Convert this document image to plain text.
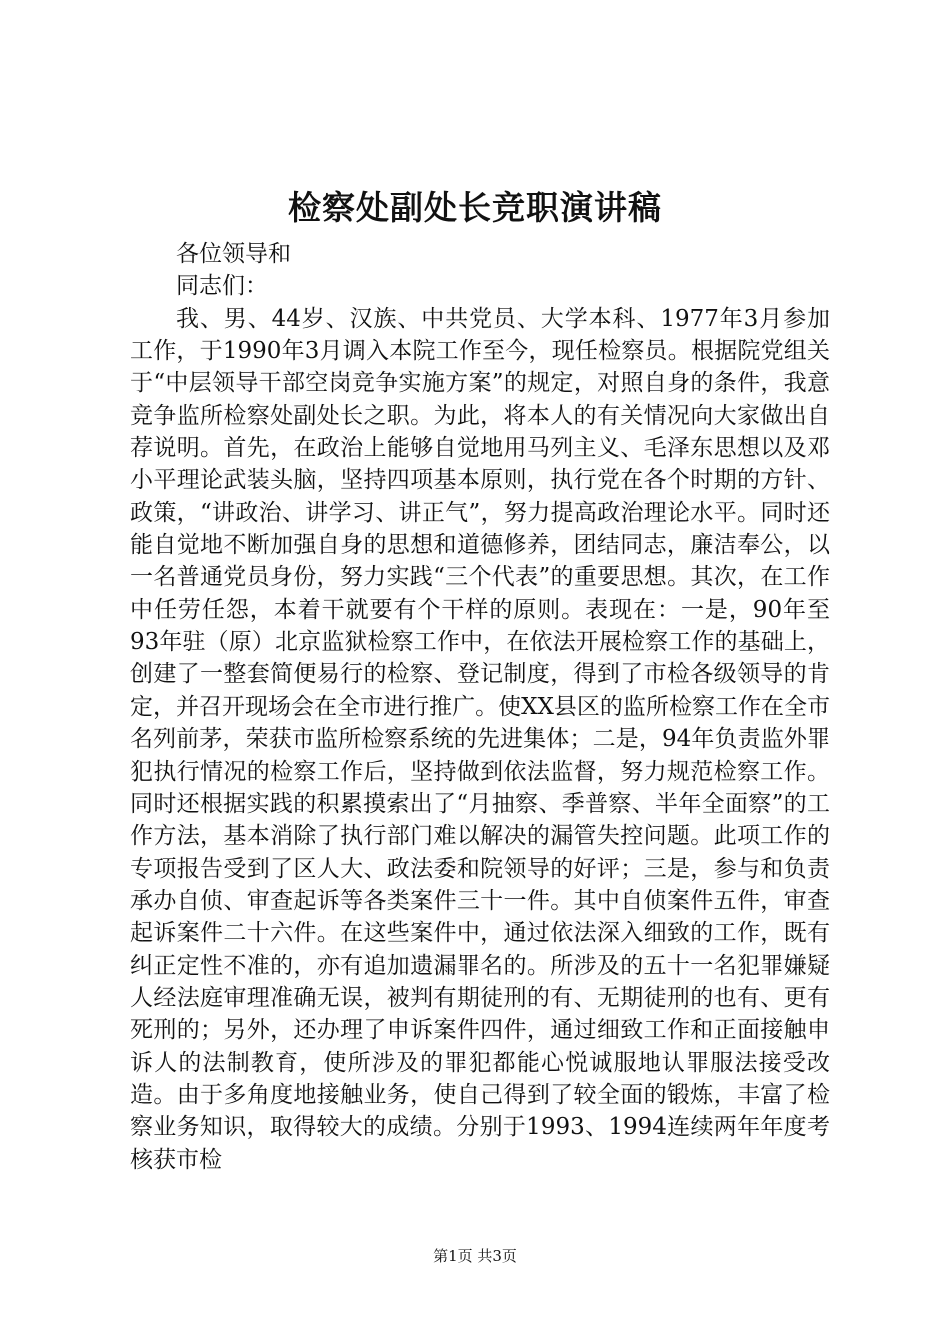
检察处副处长竞职演讲稿

各位领导和

同志们：

我、男、44岁、汉族、中共党员、大学本科、1977年3月参加工作，于1990年3月调入本院工作至今，现任检察员。根据院党组关于“中层领导干部空岗竞争实施方案”的规定，对照自身的条件，我意竞争监所检察处副处长之职。为此，将本人的有关情况向大家做出自荐说明。首先，在政治上能够自觉地用马列主义、毛泽东思想以及邓小平理论武装头脑，坚持四项基本原则，执行党在各个时期的方针、政策，“讲政治、讲学习、讲正气”，努力提高政治理论水平。同时还能自觉地不断加强自身的思想和道德修养，团结同志，廉洁奉公，以一名普通党员身份，努力实践“三个代表”的重要思想。其次，在工作中任劳任怨，本着干就要有个干样的原则。表现在：一是，90年至93年驻（原）北京监狱检察工作中，在依法开展检察工作的基础上，创建了一整套简便易行的检察、登记制度，得到了市检各级领导的肯定，并召开现场会在全市进行推广。使XX县区的监所检察工作在全市名列前茅，荣获市监所检察系统的先进集体；二是，94年负责监外罪犯执行情况的检察工作后，坚持做到依法监督，努力规范检察工作。同时还根据实践的积累摸索出了“月抽察、季普察、半年全面察”的工作方法，基本消除了执行部门难以解决的漏管失控问题。此项工作的专项报告受到了区人大、政法委和院领导的好评；三是，参与和负责承办自侦、审查起诉等各类案件三十一件。其中自侦案件五件，审查起诉案件二十六件。在这些案件中，通过依法深入细致的工作，既有纠正定性不准的，亦有追加遗漏罪名的。所涉及的五十一名犯罪嫌疑人经法庭审理准确无误，被判有期徒刑的有、无期徒刑的也有、更有死刑的；另外，还办理了申诉案件四件，通过细致工作和正面接触申诉人的法制教育，使所涉及的罪犯都能心悦诚服地认罪服法接受改造。由于多角度地接触业务，使自己得到了较全面的锻炼，丰富了检察业务知识，取得较大的成绩。分别于1993、1994连续两年年度考核获市检

第1页 共3页
